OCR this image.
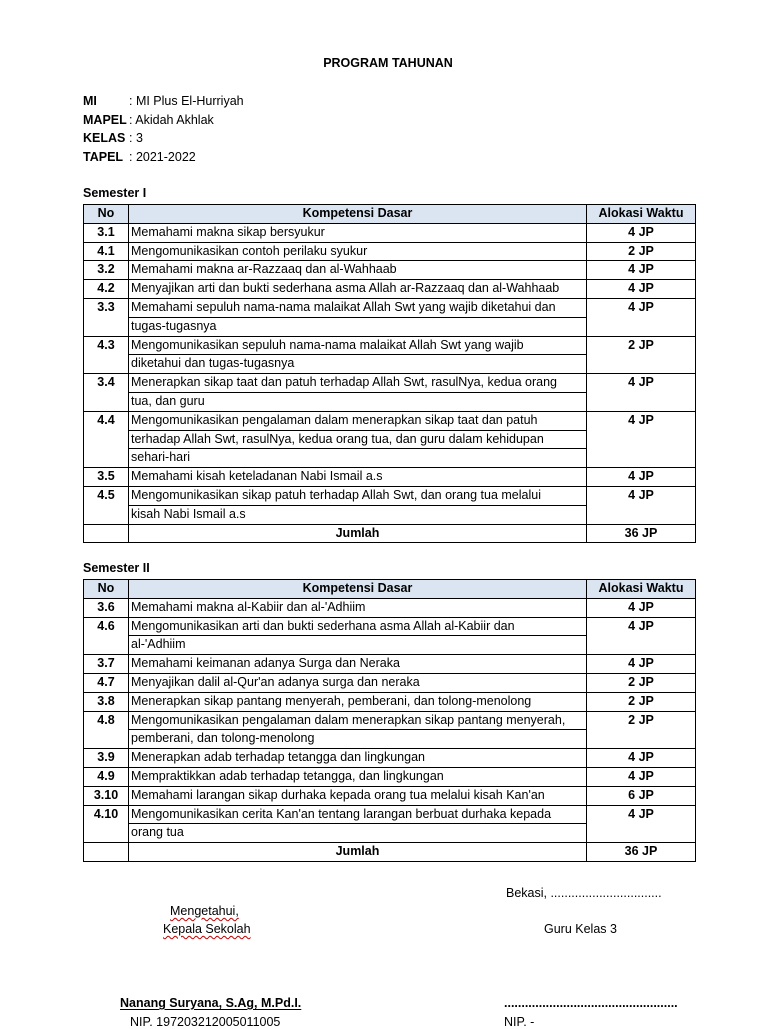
PROGRAM TAHUNAN
MI	: MI Plus El-Hurriyah
MAPEL : Akidah Akhlak
KELAS : 3
TAPEL : 2021-2022
Semester I
No	Kompetensi Dasar	Alokasi Waktu
3.1	Memahami makna sikap bersyukur	4 JP
4.1	Mengomunikasikan contoh perilaku syukur	2 JP
3.2	Memahami makna ar-Razzaaq dan al-Wahhaab	4 JP
4.2	Menyajikan arti dan bukti sederhana asma Allah ar-Razzaaq dan al-Wahhaab	4 JP
3.3	Memahami sepuluh nama-nama malaikat Allah Swt yang wajib diketahui dan	4 JP
	tugas-tugasnya	
4.3	Mengomunikasikan sepuluh nama-nama malaikat Allah Swt yang wajib	2 JP
	diketahui dan tugas-tugasnya	
3.4	Menerapkan sikap taat dan patuh terhadap Allah Swt, rasulNya, kedua orang	4 JP
	tua, dan guru	
4.4	Mengomunikasikan pengalaman dalam menerapkan sikap taat dan patuh	4 JP
	terhadap Allah Swt, rasulNya, kedua orang tua, dan guru dalam kehidupan	
	sehari-hari	
3.5	Memahami kisah keteladanan Nabi Ismail a.s	4 JP
4.5	Mengomunikasikan sikap patuh terhadap Allah Swt, dan orang tua melalui	4 JP
	kisah Nabi Ismail a.s	
	Jumlah	36 JP
Semester II
No	Kompetensi Dasar	Alokasi Waktu
3.6	Memahami makna al-Kabiir dan al-'Adhiim	4 JP
4.6	Mengomunikasikan arti dan bukti sederhana asma Allah al-Kabiir dan	4 JP
	al-'Adhiim	
3.7	Memahami keimanan adanya Surga dan Neraka	4 JP
4.7	Menyajikan dalil al-Qur'an adanya surga dan neraka	2 JP
3.8	Menerapkan sikap pantang menyerah, pemberani, dan tolong-menolong	2 JP
4.8	Mengomunikasikan pengalaman dalam menerapkan sikap pantang menyerah,	2 JP
	pemberani, dan tolong-menolong	
3.9	Menerapkan adab terhadap tetangga dan lingkungan	4 JP
4.9	Mempraktikkan adab terhadap tetangga, dan lingkungan	4 JP
3.10	Memahami larangan sikap durhaka kepada orang tua melalui kisah Kan'an	6 JP
4.10	Mengomunikasikan cerita Kan'an tentang larangan berbuat durhaka kepada	4 JP
	orang tua	
	Jumlah	36 JP
Bekasi, ................................
Mengetahui,
Kepala Sekolah	Guru Kelas 3
Nanang Suryana, S.Ag, M.Pd.I.	..................................................
NIP. 197203212005011005	NIP. -
